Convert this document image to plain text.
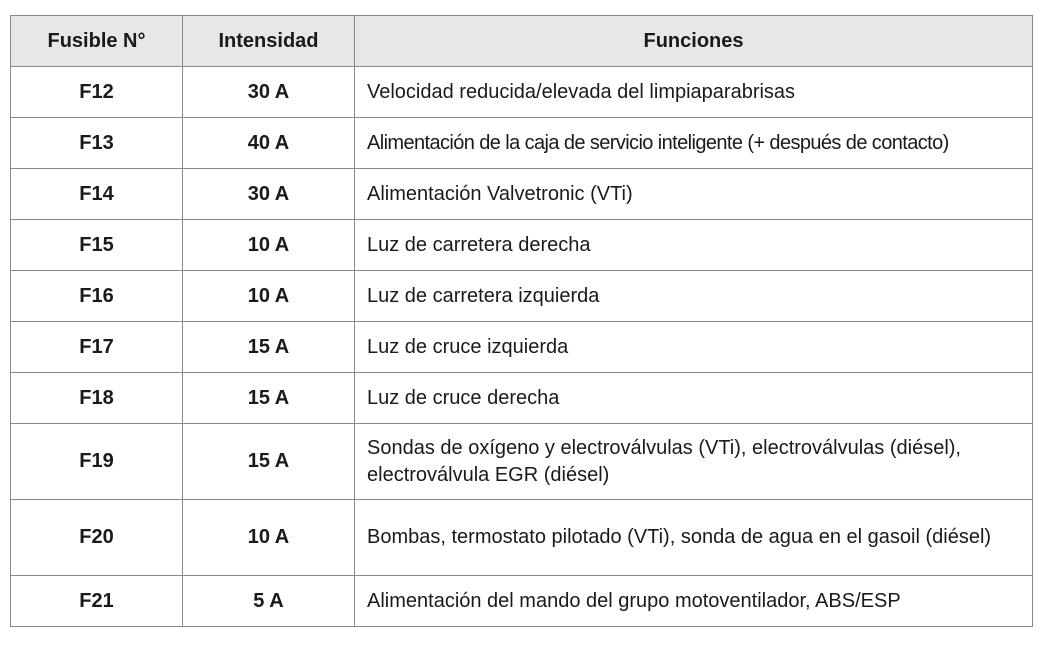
Fusible N°	Intensidad	Funciones
F12	30 A	Velocidad reducida/elevada del limpiaparabrisas
F13	40 A	Alimentación de la caja de servicio inteligente (+ después de contacto)
F14	30 A	Alimentación Valvetronic (VTi)
F15	10 A	Luz de carretera derecha
F16	10 A	Luz de carretera izquierda
F17	15 A	Luz de cruce izquierda
F18	15 A	Luz de cruce derecha
F19	15 A	Sondas de oxígeno y electroválvulas (VTi), electroválvulas (diésel), electroválvula EGR (diésel)
F20	10 A	Bombas, termostato pilotado (VTi), sonda de agua en el gasoil (diésel)
F21	5 A	Alimentación del mando del grupo motoventilador, ABS/ESP
